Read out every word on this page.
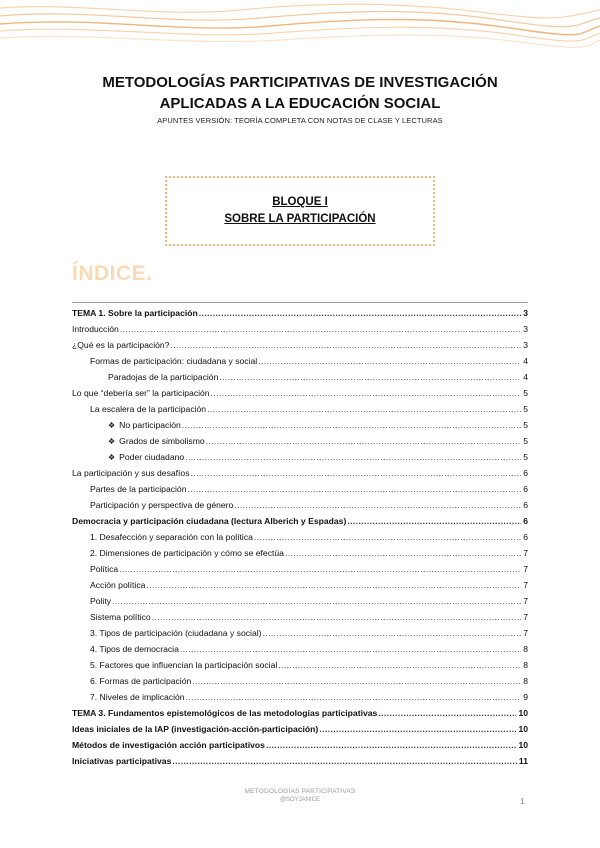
METODOLOGÍAS PARTICIPATIVAS DE INVESTIGACIÓN
APLICADAS A LA EDUCACIÓN SOCIAL
APUNTES VERSIÓN: TEORÍA COMPLETA CON NOTAS DE CLASE Y LECTURAS
BLOQUE I
SOBRE LA PARTICIPACIÓN
ÍNDICE.
TEMA 1. Sobre la participación .....	3
Introducción .....	3
¿Qué es la participación? .....	3
Formas de participación: ciudadana y social .....	4
Paradojas de la participación .....	4
Lo que “debería ser” la participación .....	5
La escalera de la participación .....	5
❖ No participación .....	5
❖ Grados de simbolismo .....	5
❖ Poder ciudadano .....	5
La participación y sus desafíos .....	6
Partes de la participación .....	6
Participación y perspectiva de género .....	6
Democracia y participación ciudadana (lectura Alberich y Espadas) .....	6
1. Desafección y separación con la política .....	6
2. Dimensiones de participación y cómo se efectúa .....	7
Política .....	7
Acción política .....	7
Polity .....	7
Sistema político .....	7
3. Tipos de participación (ciudadana y social) .....	7
4. Tipos de democracia .....	8
5. Factores que influencian la participación social .....	8
6. Formas de participación .....	8
7. Niveles de implicación .....	9
TEMA 3. Fundamentos epistemológicos de las metodologías participativas .....	10
Ideas iniciales de la IAP (investigación-acción-participación) .....	10
Métodos de investigación acción participativos .....	10
Iniciativas participativas .....	11
METODOLOGÍAS PARTICIPATIVAS
@SOYJANICE	1
